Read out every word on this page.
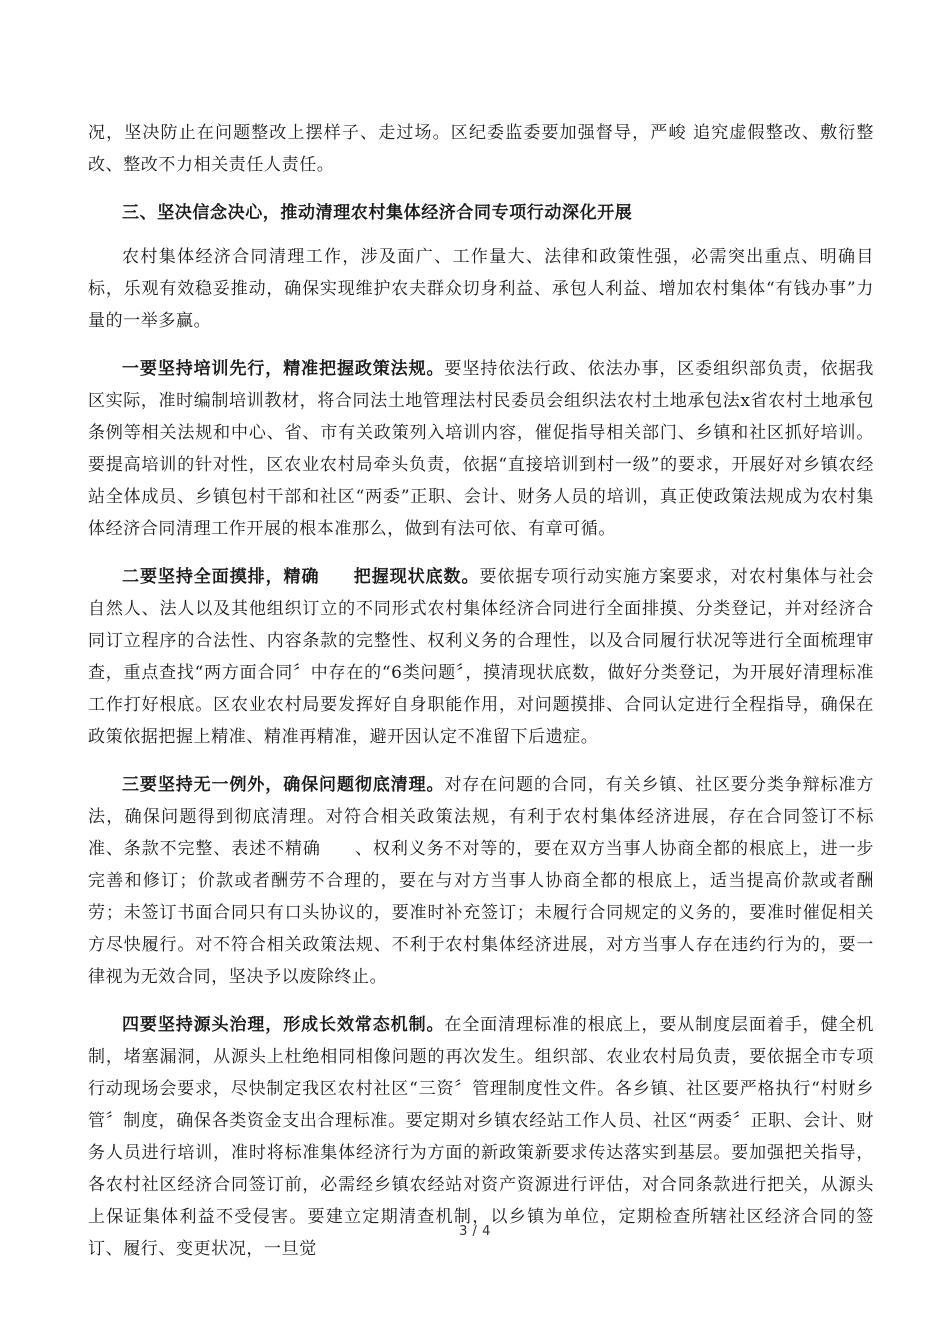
况，坚决防止在问题整改上摆样子、走过场。区纪委监委要加强督导，严峻 追究虚假整改、敷衍整改、整改不力相关责任人责任。

三、坚决信念决心，推动清理农村集体经济合同专项行动深化开展

农村集体经济合同清理工作，涉及面广、工作量大、法律和政策性强，必需突出重点、明确目标，乐观有效稳妥推动，确保实现维护农夫群众切身利益、承包人利益、增加农村集体“有钱办事”力量的一举多赢。

一要坚持培训先行，精准把握政策法规。要坚持依法行政、依法办事，区委组织部负责，依据我区实际，准时编制培训教材，将合同法土地管理法村民委员会组织法农村土地承包法x省农村土地承包条例等相关法规和中心、省、市有关政策列入培训内容，催促指导相关部门、乡镇和社区抓好培训。要提高培训的针对性，区农业农村局牵头负责，依据“直接培训到村一级”的要求，开展好对乡镇农经站全体成员、乡镇包村干部和社区“两委”正职、会计、财务人员的培训，真正使政策法规成为农村集体经济合同清理工作开展的根本准那么，做到有法可依、有章可循。

二要坚持全面摸排，精确 把握现状底数。要依据专项行动实施方案要求，对农村集体与社会自然人、法人以及其他组织订立的不同形式农村集体经济合同进行全面排摸、分类登记，并对经济合同订立程序的合法性、内容条款的完整性、权利义务的合理性，以及合同履行状况等进行全面梳理审查，重点查找“两方面合同〞中存在的“6类问题〞，摸清现状底数，做好分类登记，为开展好清理标准工作打好根底。区农业农村局要发挥好自身职能作用，对问题摸排、合同认定进行全程指导，确保在政策依据把握上精准、精准再精准，避开因认定不准留下后遗症。

三要坚持无一例外，确保问题彻底清理。对存在问题的合同，有关乡镇、社区要分类争辩标准方法，确保问题得到彻底清理。对符合相关政策法规，有利于农村集体经济进展，存在合同签订不标准、条款不完整、表述不精确 、权利义务不对等的，要在双方当事人协商全都的根底上，进一步完善和修订；价款或者酬劳不合理的，要在与对方当事人协商全都的根底上，适当提高价款或者酬劳；未签订书面合同只有口头协议的，要准时补充签订；未履行合同规定的义务的，要准时催促相关方尽快履行。对不符合相关政策法规、不利于农村集体经济进展，对方当事人存在违约行为的，要一律视为无效合同，坚决予以废除终止。

四要坚持源头治理，形成长效常态机制。在全面清理标准的根底上，要从制度层面着手，健全机制，堵塞漏洞，从源头上杜绝相同相像问题的再次发生。组织部、农业农村局负责，要依据全市专项行动现场会要求，尽快制定我区农村社区“三资〞管理制度性文件。各乡镇、社区要严格执行“村财乡管〞制度，确保各类资金支出合理标准。要定期对乡镇农经站工作人员、社区“两委〞正职、会计、财务人员进行培训，准时将标准集体经济行为方面的新政策新要求传达落实到基层。要加强把关指导，各农村社区经济合同签订前，必需经乡镇农经站对资产资源进行评估，对合同条款进行把关，从源头上保证集体利益不受侵害。要建立定期清查机制，以乡镇为单位，定期检查所辖社区经济合同的签订、履行、变更状况，一旦觉

3 / 4
